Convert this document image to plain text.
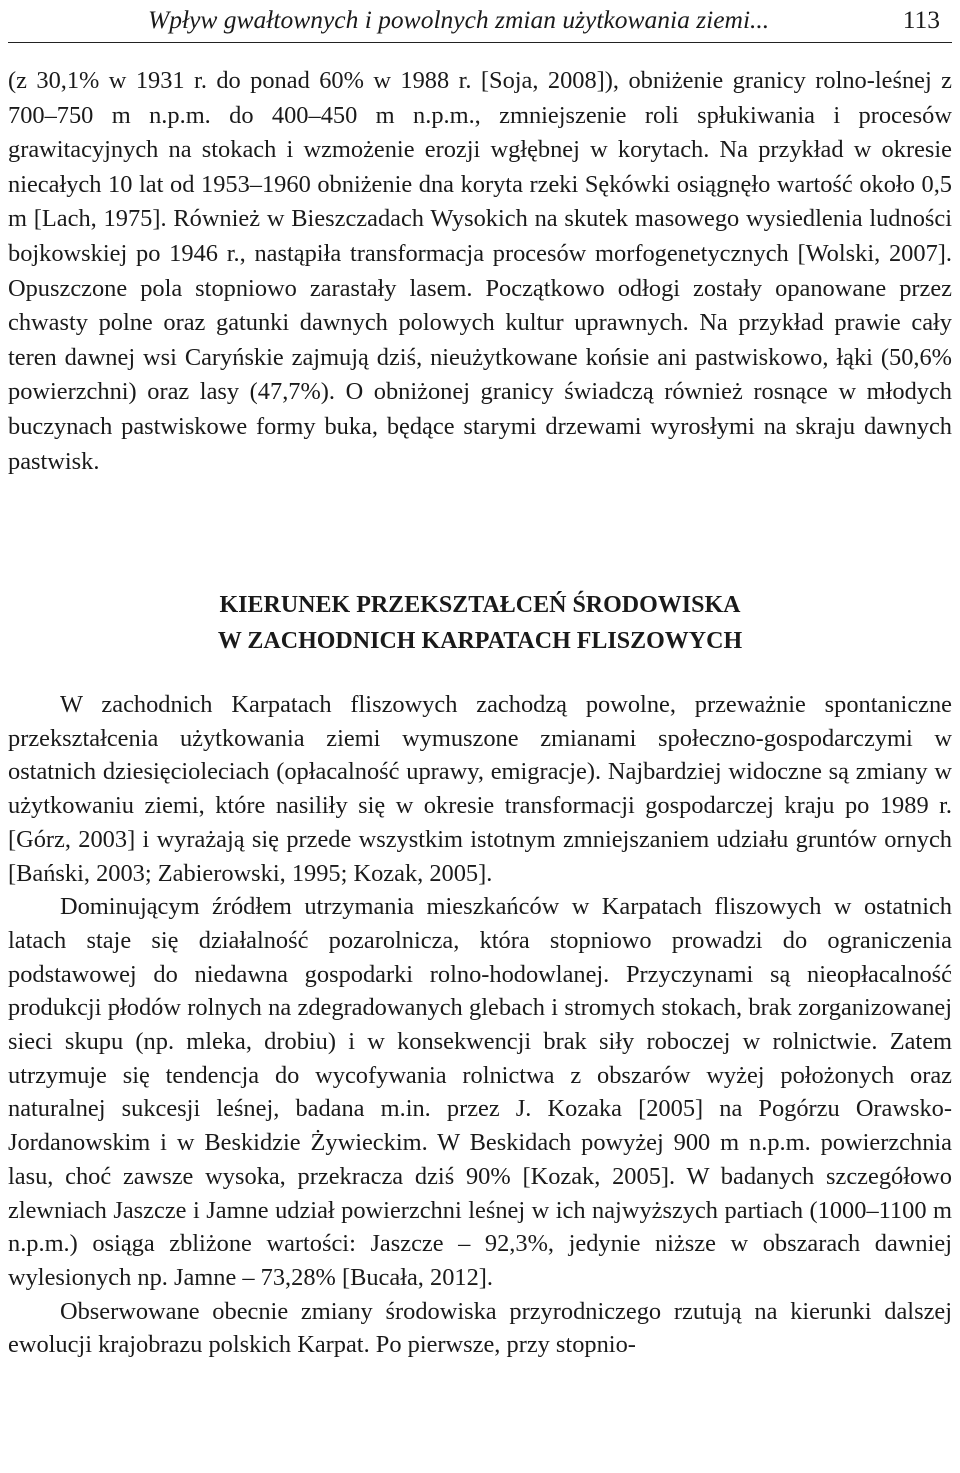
Wpływ gwałtownych i powolnych zmian użytkowania ziemi...	113

(z 30,1% w 1931 r. do ponad 60% w 1988 r. [Soja, 2008]), obniżenie granicy rolno-leśnej z 700–750 m n.p.m. do 400–450 m n.p.m., zmniejszenie roli spłukiwania i procesów grawitacyjnych na stokach i wzmożenie erozji wgłębnej w korytach. Na przykład w okresie niecałych 10 lat od 1953–1960 obniżenie dna koryta rzeki Sękówki osiągnęło wartość około 0,5 m [Lach, 1975]. Również w Bieszczadach Wysokich na skutek masowego wysiedlenia ludności bojkowskiej po 1946 r., nastąpiła transformacja procesów morfogenetycznych [Wolski, 2007]. Opuszczone pola stopniowo zarastały lasem. Początkowo odłogi zostały opanowane przez chwasty polne oraz gatunki dawnych polowych kultur uprawnych. Na przykład prawie cały teren dawnej wsi Caryńskie zajmują dziś, nieużytkowane końsie ani pastwiskowo, łąki (50,6% powierzchni) oraz lasy (47,7%). O obniżonej granicy świadczą również rosnące w młodych buczynach pastwiskowe formy buka, będące starymi drzewami wyrosłymi na skraju dawnych pastwisk.

KIERUNEK PRZEKSZTAŁCEŃ ŚRODOWISKA
W ZACHODNICH KARPATACH FLISZOWYCH

W zachodnich Karpatach fliszowych zachodzą powolne, przeważnie spontaniczne przekształcenia użytkowania ziemi wymuszone zmianami społeczno-gospodarczymi w ostatnich dziesięcioleciach (opłacalność uprawy, emigracje). Najbardziej widoczne są zmiany w użytkowaniu ziemi, które nasiliły się w okresie transformacji gospodarczej kraju po 1989 r. [Górz, 2003] i wyrażają się przede wszystkim istotnym zmniejszaniem udziału gruntów ornych [Bański, 2003; Zabierowski, 1995; Kozak, 2005].

Dominującym źródłem utrzymania mieszkańców w Karpatach fliszowych w ostatnich latach staje się działalność pozarolnicza, która stopniowo prowadzi do ograniczenia podstawowej do niedawna gospodarki rolno-hodowlanej. Przyczynami są nieopłacalność produkcji płodów rolnych na zdegradowanych glebach i stromych stokach, brak zorganizowanej sieci skupu (np. mleka, drobiu) i w konsekwencji brak siły roboczej w rolnictwie. Zatem utrzymuje się tendencja do wycofywania rolnictwa z obszarów wyżej położonych oraz naturalnej sukcesji leśnej, badana m.in. przez J. Kozaka [2005] na Pogórzu Orawsko-Jordanowskim i w Beskidzie Żywieckim. W Beskidach powyżej 900 m n.p.m. powierzchnia lasu, choć zawsze wysoka, przekracza dziś 90% [Kozak, 2005]. W badanych szczegółowo zlewniach Jaszcze i Jamne udział powierzchni leśnej w ich najwyższych partiach (1000–1100 m n.p.m.) osiąga zbliżone wartości: Jaszcze – 92,3%, jedynie niższe w obszarach dawniej wylesionych np. Jamne – 73,28% [Bucała, 2012].

Obserwowane obecnie zmiany środowiska przyrodniczego rzutują na kierunki dalszej ewolucji krajobrazu polskich Karpat. Po pierwsze, przy stopnio-
